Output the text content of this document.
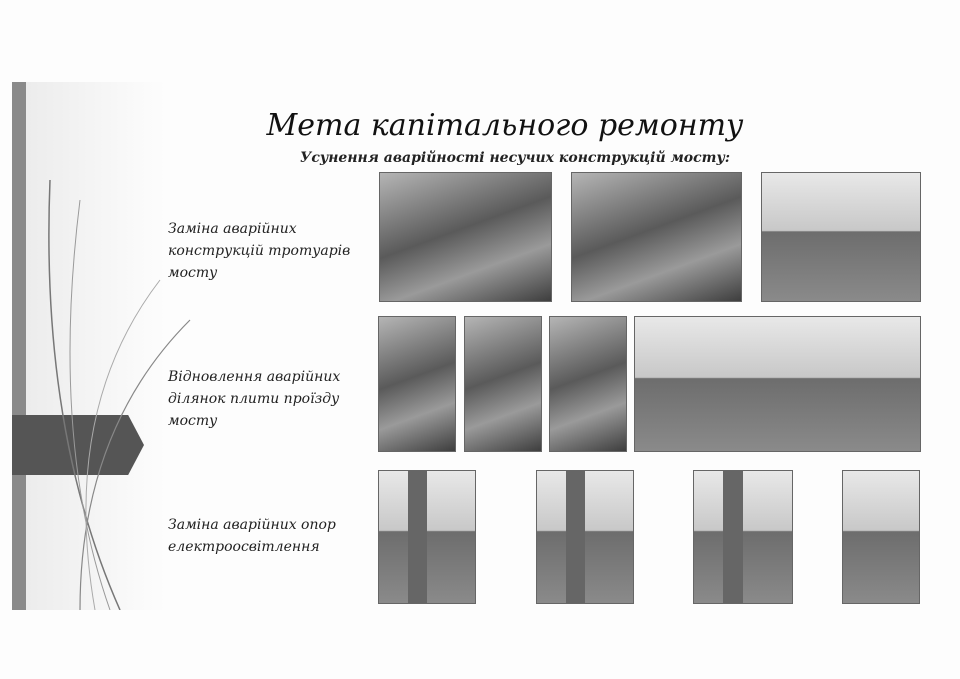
Мета капітального ремонту
Усунення аварійності несучих конструкцій мосту:
Заміна аварійних конструкцій тротуарів мосту
Відновлення аварійних ділянок плити проїзду мосту
Заміна аварійних опор електроосвітлення
